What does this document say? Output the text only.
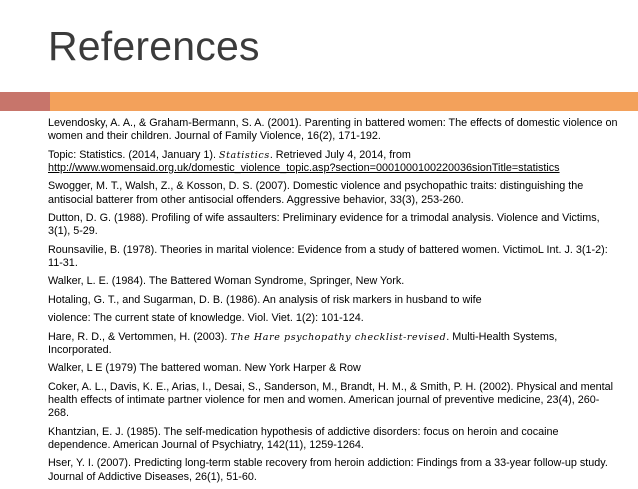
References

Levendosky, A. A., & Graham-Bermann, S. A. (2001). Parenting in battered women: The effects of domestic violence on women and their children. Journal of Family Violence, 16(2), 171-192.

Topic: Statistics. (2014, January 1). Statistics. Retrieved July 4, 2014, from http://www.womensaid.org.uk/domestic_violence_topic.asp?section=0001000100220036sionTitle=statistics

Swogger, M. T., Walsh, Z., & Kosson, D. S. (2007). Domestic violence and psychopathic traits: distinguishing the antisocial batterer from other antisocial offenders. Aggressive behavior, 33(3), 253-260.

Dutton, D. G. (1988). Profiling of wife assaulters: Preliminary evidence for a trimodal analysis. Violence and Victims, 3(1), 5-29.

Rounsavilie, B. (1978). Theories in marital violence: Evidence from a study of battered women. VictimoL Int. J. 3(1-2): 11-31.

Walker, L. E. (1984). The Battered Woman Syndrome, Springer, New York.

Hotaling, G. T., and Sugarman, D. B. (1986). An analysis of risk markers in husband to wife

violence: The current state of knowledge. Viol. Viet. 1(2): 101-124.

Hare, R. D., & Vertommen, H. (2003). The Hare psychopathy checklist-revised. Multi-Health Systems, Incorporated.

Walker, L E (1979) The battered woman. New York Harper & Row

Coker, A. L., Davis, K. E., Arias, I., Desai, S., Sanderson, M., Brandt, H. M., & Smith, P. H. (2002). Physical and mental health effects of intimate partner violence for men and women. American journal of preventive medicine, 23(4), 260-268.

Khantzian, E. J. (1985). The self-medication hypothesis of addictive disorders: focus on heroin and cocaine dependence. American Journal of Psychiatry, 142(11), 1259-1264.

Hser, Y. I. (2007). Predicting long-term stable recovery from heroin addiction: Findings from a 33-year follow-up study. Journal of Addictive Diseases, 26(1), 51-60.
